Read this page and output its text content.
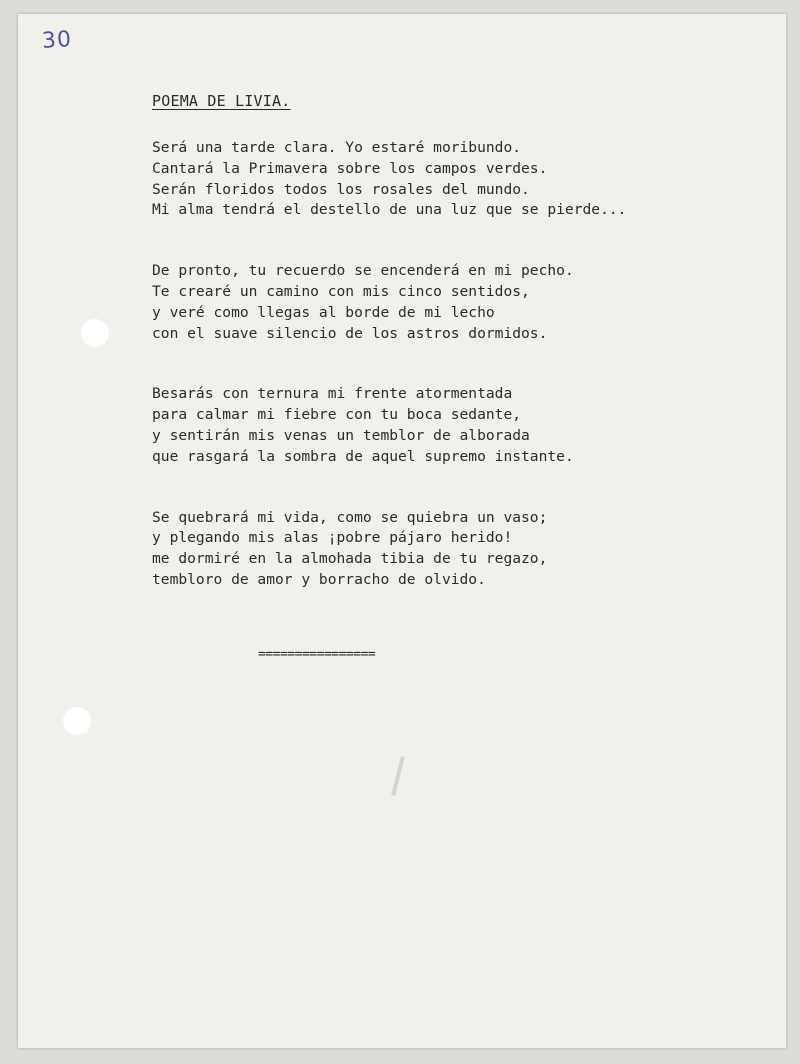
30
POEMA DE LIVIA.
Será una tarde clara. Yo estaré moribundo.
Cantará la Primavera sobre los campos verdes.
Serán floridos todos los rosales del mundo.
Mi alma tendrá el destello de una luz que se pierde...
De pronto, tu recuerdo se encenderá en mi pecho.
Te crearé un camino con mis cinco sentidos,
y veré como llegas al borde de mi lecho
con el suave silencio de los astros dormidos.
Besarás con ternura mi frente atormentada
para calmar mi fiebre con tu boca sedante,
y sentirán mis venas un temblor de alborada
que rasgará la sombra de aquel supremo instante.
Se quebrará mi vida, como se quiebra un vaso;
y plegando mis alas ¡pobre pájaro herido!
me dormiré en la almohada tibia de tu regazo,
tembloro de amor y borracho de olvido.
================
